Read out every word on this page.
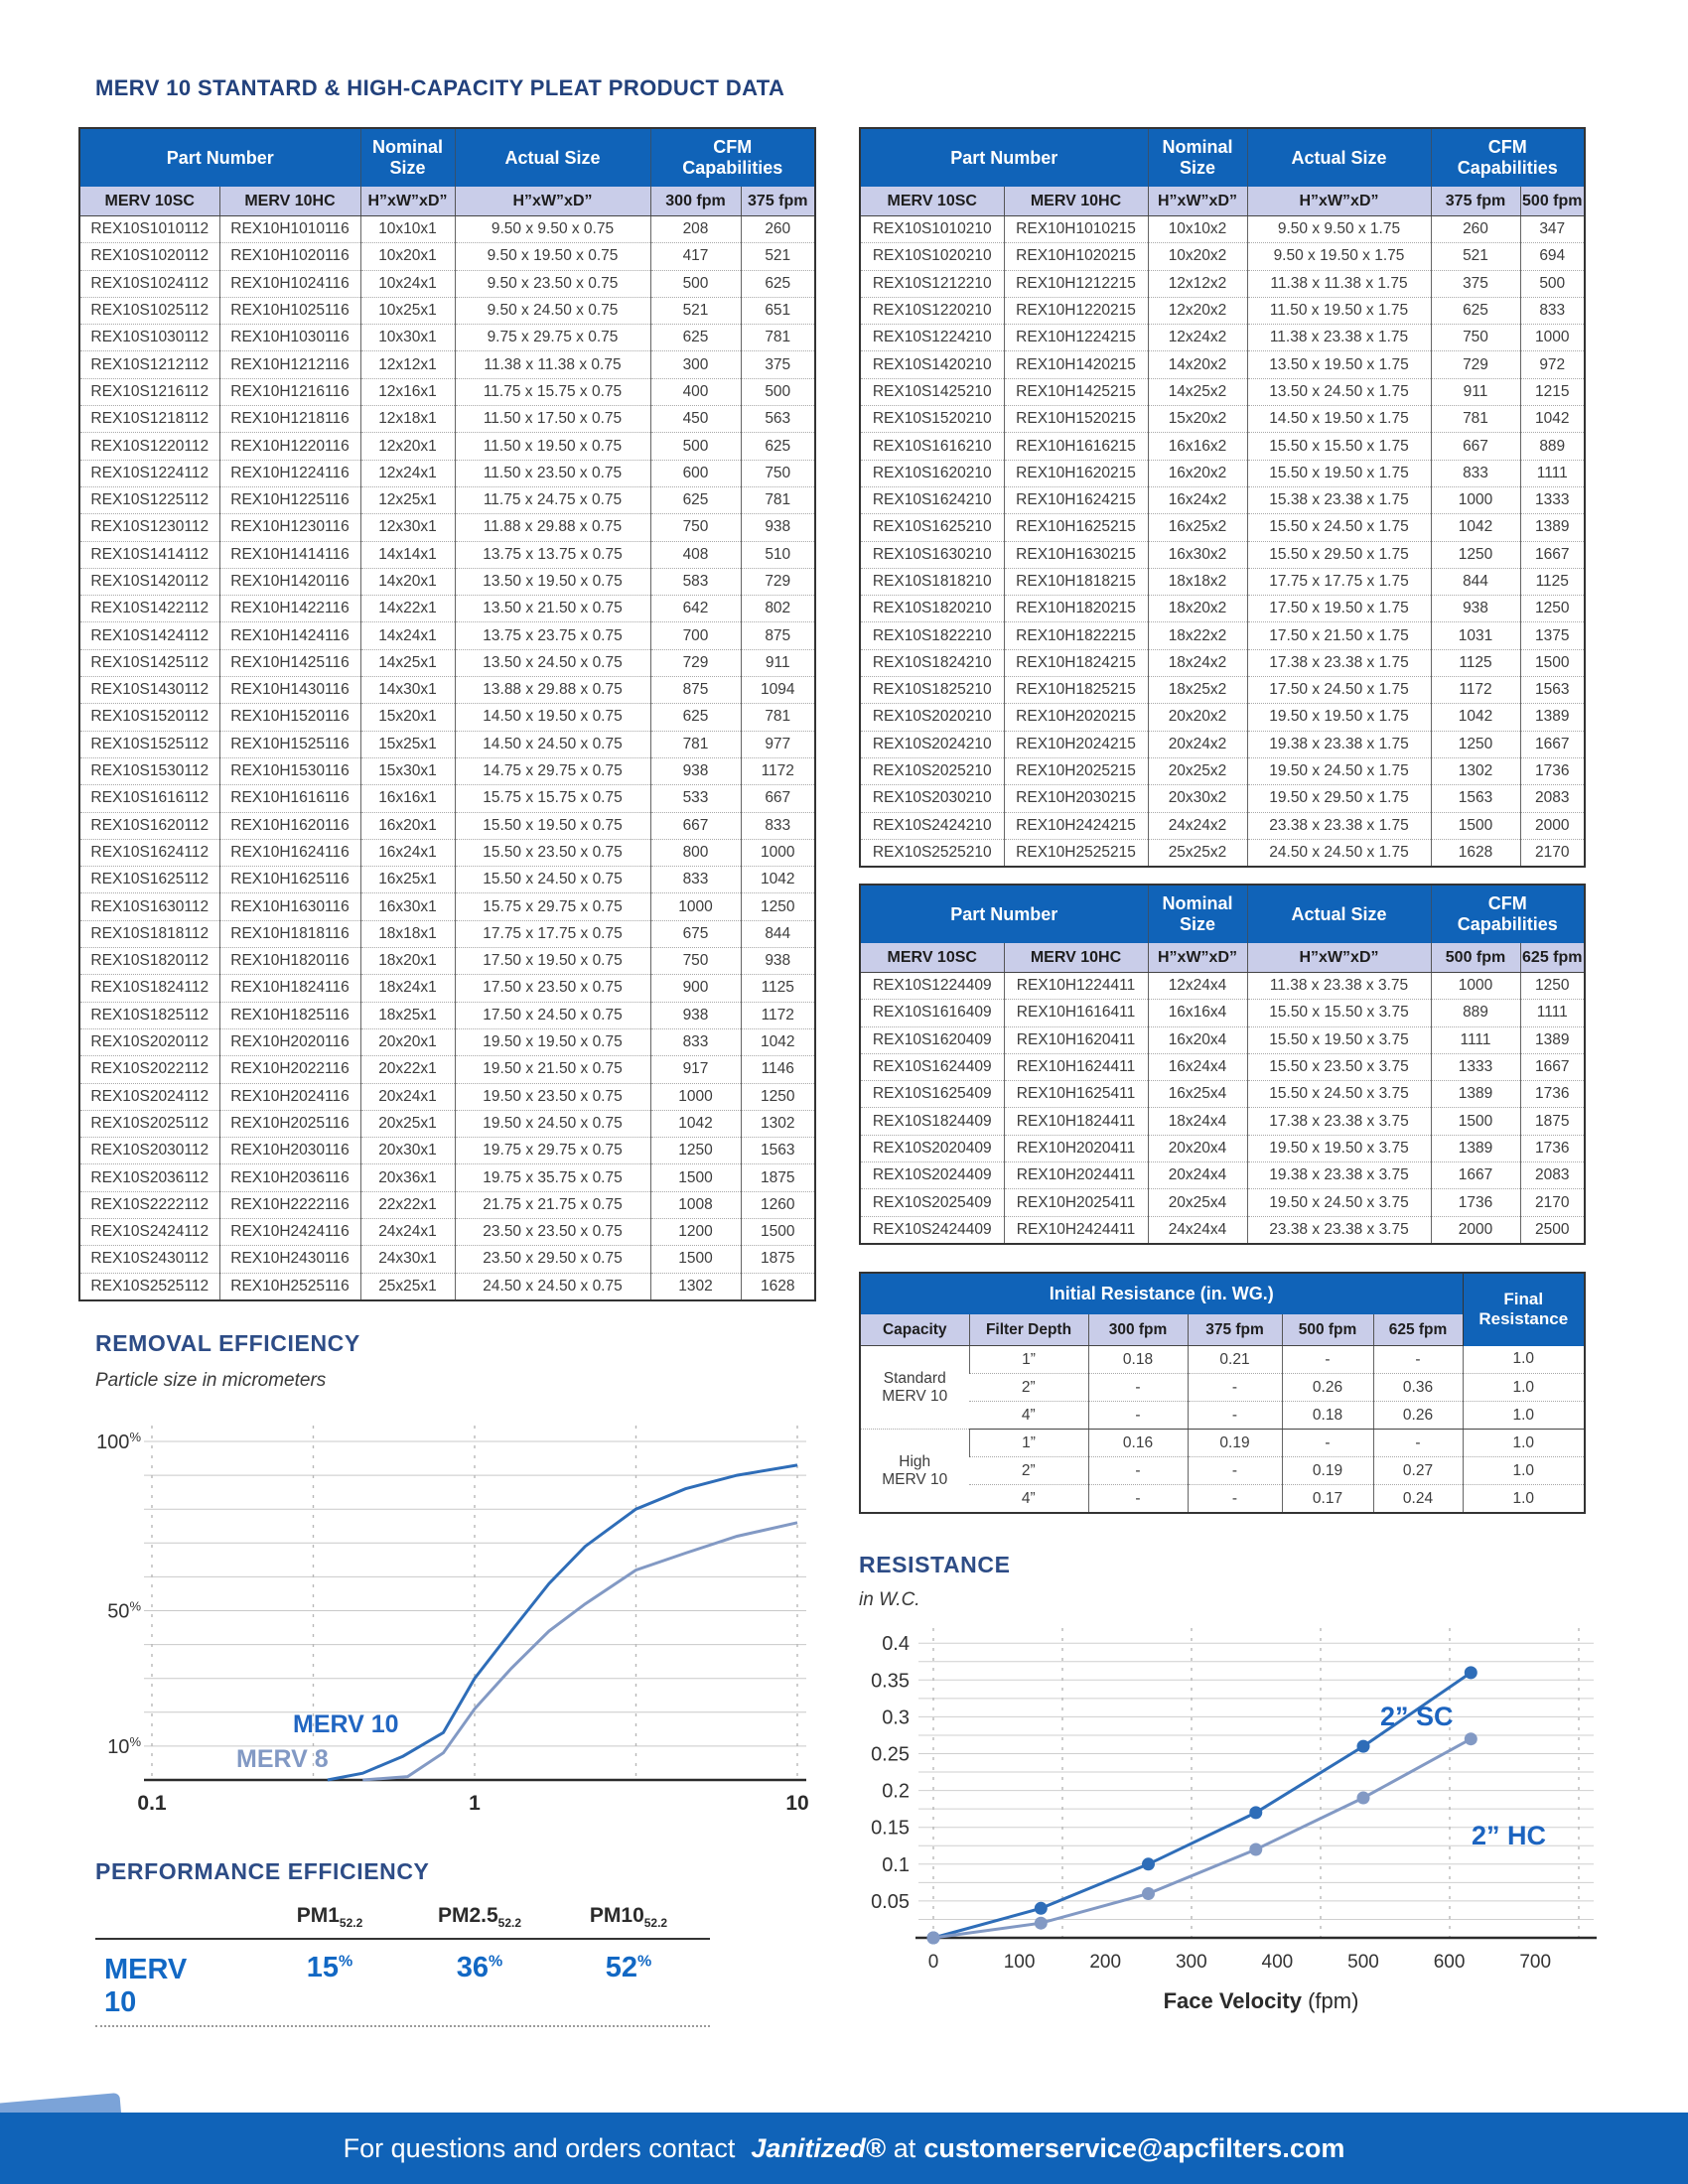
MERV 10 STANTARD & HIGH-CAPACITY PLEAT PRODUCT DATA
Part Number		Nominal
Size	Actual Size	CFM
Capabilities	
MERV 10SC	MERV 10HC	H”xW”xD”	H”xW”xD”	300 fpm	375 fpm
REX10S1010112	REX10H1010116	10x10x1	9.50 x 9.50 x 0.75	208	260
REX10S1020112	REX10H1020116	10x20x1	9.50 x 19.50 x 0.75	417	521
REX10S1024112	REX10H1024116	10x24x1	9.50 x 23.50 x 0.75	500	625
REX10S1025112	REX10H1025116	10x25x1	9.50 x 24.50 x 0.75	521	651
REX10S1030112	REX10H1030116	10x30x1	9.75 x 29.75 x 0.75	625	781
REX10S1212112	REX10H1212116	12x12x1	11.38 x 11.38 x 0.75	300	375
REX10S1216112	REX10H1216116	12x16x1	11.75 x 15.75 x 0.75	400	500
REX10S1218112	REX10H1218116	12x18x1	11.50 x 17.50 x 0.75	450	563
REX10S1220112	REX10H1220116	12x20x1	11.50 x 19.50 x 0.75	500	625
REX10S1224112	REX10H1224116	12x24x1	11.50 x 23.50 x 0.75	600	750
REX10S1225112	REX10H1225116	12x25x1	11.75 x 24.75 x 0.75	625	781
REX10S1230112	REX10H1230116	12x30x1	11.88 x 29.88 x 0.75	750	938
REX10S1414112	REX10H1414116	14x14x1	13.75 x 13.75 x 0.75	408	510
REX10S1420112	REX10H1420116	14x20x1	13.50 x 19.50 x 0.75	583	729
REX10S1422112	REX10H1422116	14x22x1	13.50 x 21.50 x 0.75	642	802
REX10S1424112	REX10H1424116	14x24x1	13.75 x 23.75 x 0.75	700	875
REX10S1425112	REX10H1425116	14x25x1	13.50 x 24.50 x 0.75	729	911
REX10S1430112	REX10H1430116	14x30x1	13.88 x 29.88 x 0.75	875	1094
REX10S1520112	REX10H1520116	15x20x1	14.50 x 19.50 x 0.75	625	781
REX10S1525112	REX10H1525116	15x25x1	14.50 x 24.50 x 0.75	781	977
REX10S1530112	REX10H1530116	15x30x1	14.75 x 29.75 x 0.75	938	1172
REX10S1616112	REX10H1616116	16x16x1	15.75 x 15.75 x 0.75	533	667
REX10S1620112	REX10H1620116	16x20x1	15.50 x 19.50 x 0.75	667	833
REX10S1624112	REX10H1624116	16x24x1	15.50 x 23.50 x 0.75	800	1000
REX10S1625112	REX10H1625116	16x25x1	15.50 x 24.50 x 0.75	833	1042
REX10S1630112	REX10H1630116	16x30x1	15.75 x 29.75 x 0.75	1000	1250
REX10S1818112	REX10H1818116	18x18x1	17.75 x 17.75 x 0.75	675	844
REX10S1820112	REX10H1820116	18x20x1	17.50 x 19.50 x 0.75	750	938
REX10S1824112	REX10H1824116	18x24x1	17.50 x 23.50 x 0.75	900	1125
REX10S1825112	REX10H1825116	18x25x1	17.50 x 24.50 x 0.75	938	1172
REX10S2020112	REX10H2020116	20x20x1	19.50 x 19.50 x 0.75	833	1042
REX10S2022112	REX10H2022116	20x22x1	19.50 x 21.50 x 0.75	917	1146
REX10S2024112	REX10H2024116	20x24x1	19.50 x 23.50 x 0.75	1000	1250
REX10S2025112	REX10H2025116	20x25x1	19.50 x 24.50 x 0.75	1042	1302
REX10S2030112	REX10H2030116	20x30x1	19.75 x 29.75 x 0.75	1250	1563
REX10S2036112	REX10H2036116	20x36x1	19.75 x 35.75 x 0.75	1500	1875
REX10S2222112	REX10H2222116	22x22x1	21.75 x 21.75 x 0.75	1008	1260
REX10S2424112	REX10H2424116	24x24x1	23.50 x 23.50 x 0.75	1200	1500
REX10S2430112	REX10H2430116	24x30x1	23.50 x 29.50 x 0.75	1500	1875
REX10S2525112	REX10H2525116	25x25x1	24.50 x 24.50 x 0.75	1302	1628
Part Number		Nominal
Size	Actual Size	CFM
Capabilities	
MERV 10SC	MERV 10HC	H”xW”xD”	H”xW”xD”	375 fpm	500 fpm
REX10S1010210	REX10H1010215	10x10x2	9.50 x 9.50 x 1.75	260	347
REX10S1020210	REX10H1020215	10x20x2	9.50 x 19.50 x 1.75	521	694
REX10S1212210	REX10H1212215	12x12x2	11.38 x 11.38 x 1.75	375	500
REX10S1220210	REX10H1220215	12x20x2	11.50 x 19.50 x 1.75	625	833
REX10S1224210	REX10H1224215	12x24x2	11.38 x 23.38 x 1.75	750	1000
REX10S1420210	REX10H1420215	14x20x2	13.50 x 19.50 x 1.75	729	972
REX10S1425210	REX10H1425215	14x25x2	13.50 x 24.50 x 1.75	911	1215
REX10S1520210	REX10H1520215	15x20x2	14.50 x 19.50 x 1.75	781	1042
REX10S1616210	REX10H1616215	16x16x2	15.50 x 15.50 x 1.75	667	889
REX10S1620210	REX10H1620215	16x20x2	15.50 x 19.50 x 1.75	833	1111
REX10S1624210	REX10H1624215	16x24x2	15.38 x 23.38 x 1.75	1000	1333
REX10S1625210	REX10H1625215	16x25x2	15.50 x 24.50 x 1.75	1042	1389
REX10S1630210	REX10H1630215	16x30x2	15.50 x 29.50 x 1.75	1250	1667
REX10S1818210	REX10H1818215	18x18x2	17.75 x 17.75 x 1.75	844	1125
REX10S1820210	REX10H1820215	18x20x2	17.50 x 19.50 x 1.75	938	1250
REX10S1822210	REX10H1822215	18x22x2	17.50 x 21.50 x 1.75	1031	1375
REX10S1824210	REX10H1824215	18x24x2	17.38 x 23.38 x 1.75	1125	1500
REX10S1825210	REX10H1825215	18x25x2	17.50 x 24.50 x 1.75	1172	1563
REX10S2020210	REX10H2020215	20x20x2	19.50 x 19.50 x 1.75	1042	1389
REX10S2024210	REX10H2024215	20x24x2	19.38 x 23.38 x 1.75	1250	1667
REX10S2025210	REX10H2025215	20x25x2	19.50 x 24.50 x 1.75	1302	1736
REX10S2030210	REX10H2030215	20x30x2	19.50 x 29.50 x 1.75	1563	2083
REX10S2424210	REX10H2424215	24x24x2	23.38 x 23.38 x 1.75	1500	2000
REX10S2525210	REX10H2525215	25x25x2	24.50 x 24.50 x 1.75	1628	2170
Part Number		Nominal
Size	Actual Size	CFM
Capabilities	
MERV 10SC	MERV 10HC	H”xW”xD”	H”xW”xD”	500 fpm	625 fpm
REX10S1224409	REX10H1224411	12x24x4	11.38 x 23.38 x 3.75	1000	1250
REX10S1616409	REX10H1616411	16x16x4	15.50 x 15.50 x 3.75	889	1111
REX10S1620409	REX10H1620411	16x20x4	15.50 x 19.50 x 3.75	1111	1389
REX10S1624409	REX10H1624411	16x24x4	15.50 x 23.50 x 3.75	1333	1667
REX10S1625409	REX10H1625411	16x25x4	15.50 x 24.50 x 3.75	1389	1736
REX10S1824409	REX10H1824411	18x24x4	17.38 x 23.38 x 3.75	1500	1875
REX10S2020409	REX10H2020411	20x20x4	19.50 x 19.50 x 3.75	1389	1736
REX10S2024409	REX10H2024411	20x24x4	19.38 x 23.38 x 3.75	1667	2083
REX10S2025409	REX10H2025411	20x25x4	19.50 x 24.50 x 3.75	1736	2170
REX10S2424409	REX10H2424411	24x24x4	23.38 x 23.38 x 3.75	2000	2500
Initial Resistance (in. WG.)						Final
Resistance
Capacity	Filter Depth	300 fpm	375 fpm	500 fpm	625 fpm	
Standard
MERV 10	1”	0.18	0.21	-	-	1.0
	2”	-	-	0.26	0.36	1.0
	4”	-	-	0.18	0.26	1.0
High
MERV 10	1”	0.16	0.19	-	-	1.0
	2”	-	-	0.19	0.27	1.0
	4”	-	-	0.17	0.24	1.0
REMOVAL EFFICIENCY
Particle size in micrometers
100%
50%
10%
0.1	1	10
MERV 10
MERV 8
PERFORMANCE EFFICIENCY
$PM1_{52.2}$	$PM2.5_{52.2}$	$PM10_{52.2}$
MERV 10
15%	36%	52%
RESISTANCE
in W.C.
0.4
0.35
0.3
0.25
0.2
0.15
0.1
0.05
0	100	200	300	400	500	600	700
Face Velocity (fpm)
2” SC
2” HC
For questions and orders contact Janitized® at customerservice@apcfilters.com
